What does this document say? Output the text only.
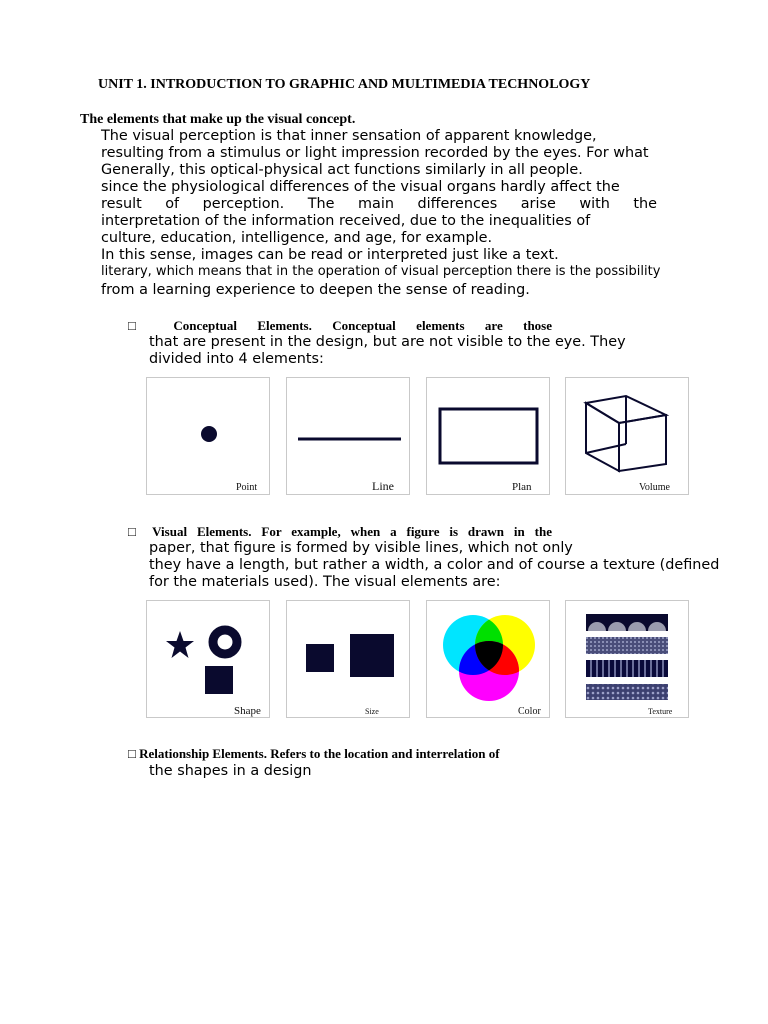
UNIT 1. INTRODUCTION TO GRAPHIC AND MULTIMEDIA TECHNOLOGY
The elements that make up the visual concept.
The visual perception is that inner sensation of apparent knowledge,
resulting from a stimulus or light impression recorded by the eyes. For what
Generally, this optical-physical act functions similarly in all people.
since the physiological differences of the visual organs hardly affect the
result of perception. The main differences arise with the
interpretation of the information received, due to the inequalities of
culture, education, intelligence, and age, for example.
In this sense, images can be read or interpreted just like a text.
literary, which means that in the operation of visual perception there is the possibility
from a learning experience to deepen the sense of reading.
□ Conceptual Elements. Conceptual elements are those
that are present in the design, but are not visible to the eye. They
divided into 4 elements:
Point	Line	Plan	Volume
□ Visual Elements. For example, when a figure is drawn in the
paper, that figure is formed by visible lines, which not only
they have a length, but rather a width, a color and of course a texture (defined
for the materials used). The visual elements are:
Shape	Size	Color	Texture
□ Relationship Elements. Refers to the location and interrelation of
the shapes in a design
